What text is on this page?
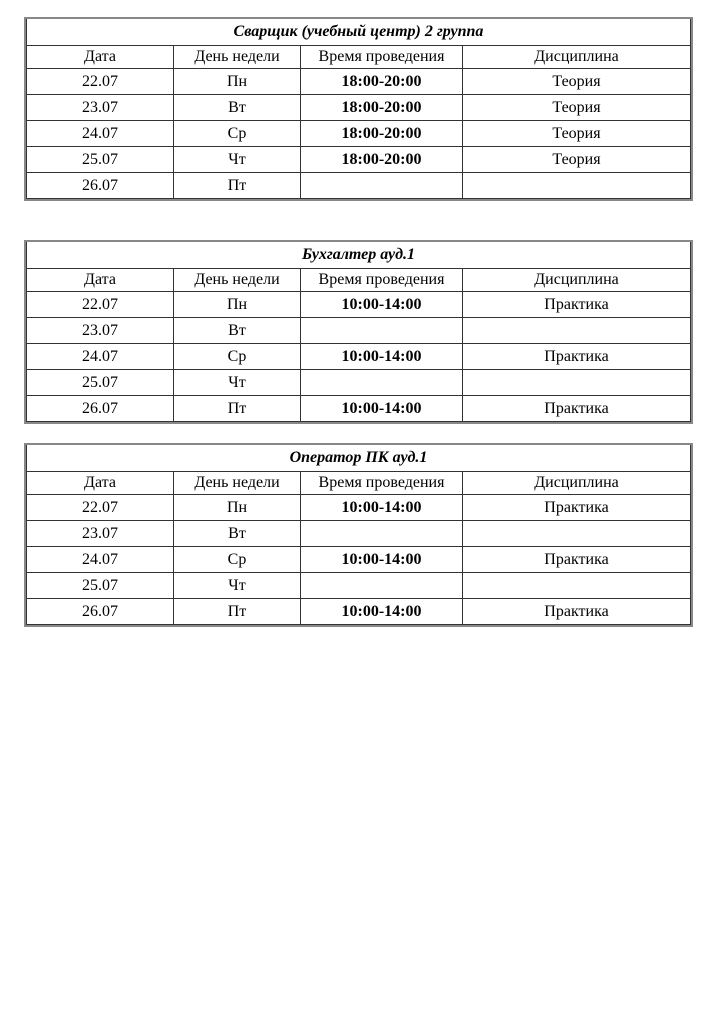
Сварщик (учебный центр) 2 группа			
Дата	День недели	Время проведения	Дисциплина
22.07	Пн	18:00-20:00	Теория
23.07	Вт	18:00-20:00	Теория
24.07	Ср	18:00-20:00	Теория
25.07	Чт	18:00-20:00	Теория
26.07	Пт		
Бухгалтер ауд.1			
Дата	День недели	Время проведения	Дисциплина
22.07	Пн	10:00-14:00	Практика
23.07	Вт		
24.07	Ср	10:00-14:00	Практика
25.07	Чт		
26.07	Пт	10:00-14:00	Практика
Оператор ПК ауд.1			
Дата	День недели	Время проведения	Дисциплина
22.07	Пн	10:00-14:00	Практика
23.07	Вт		
24.07	Ср	10:00-14:00	Практика
25.07	Чт		
26.07	Пт	10:00-14:00	Практика
